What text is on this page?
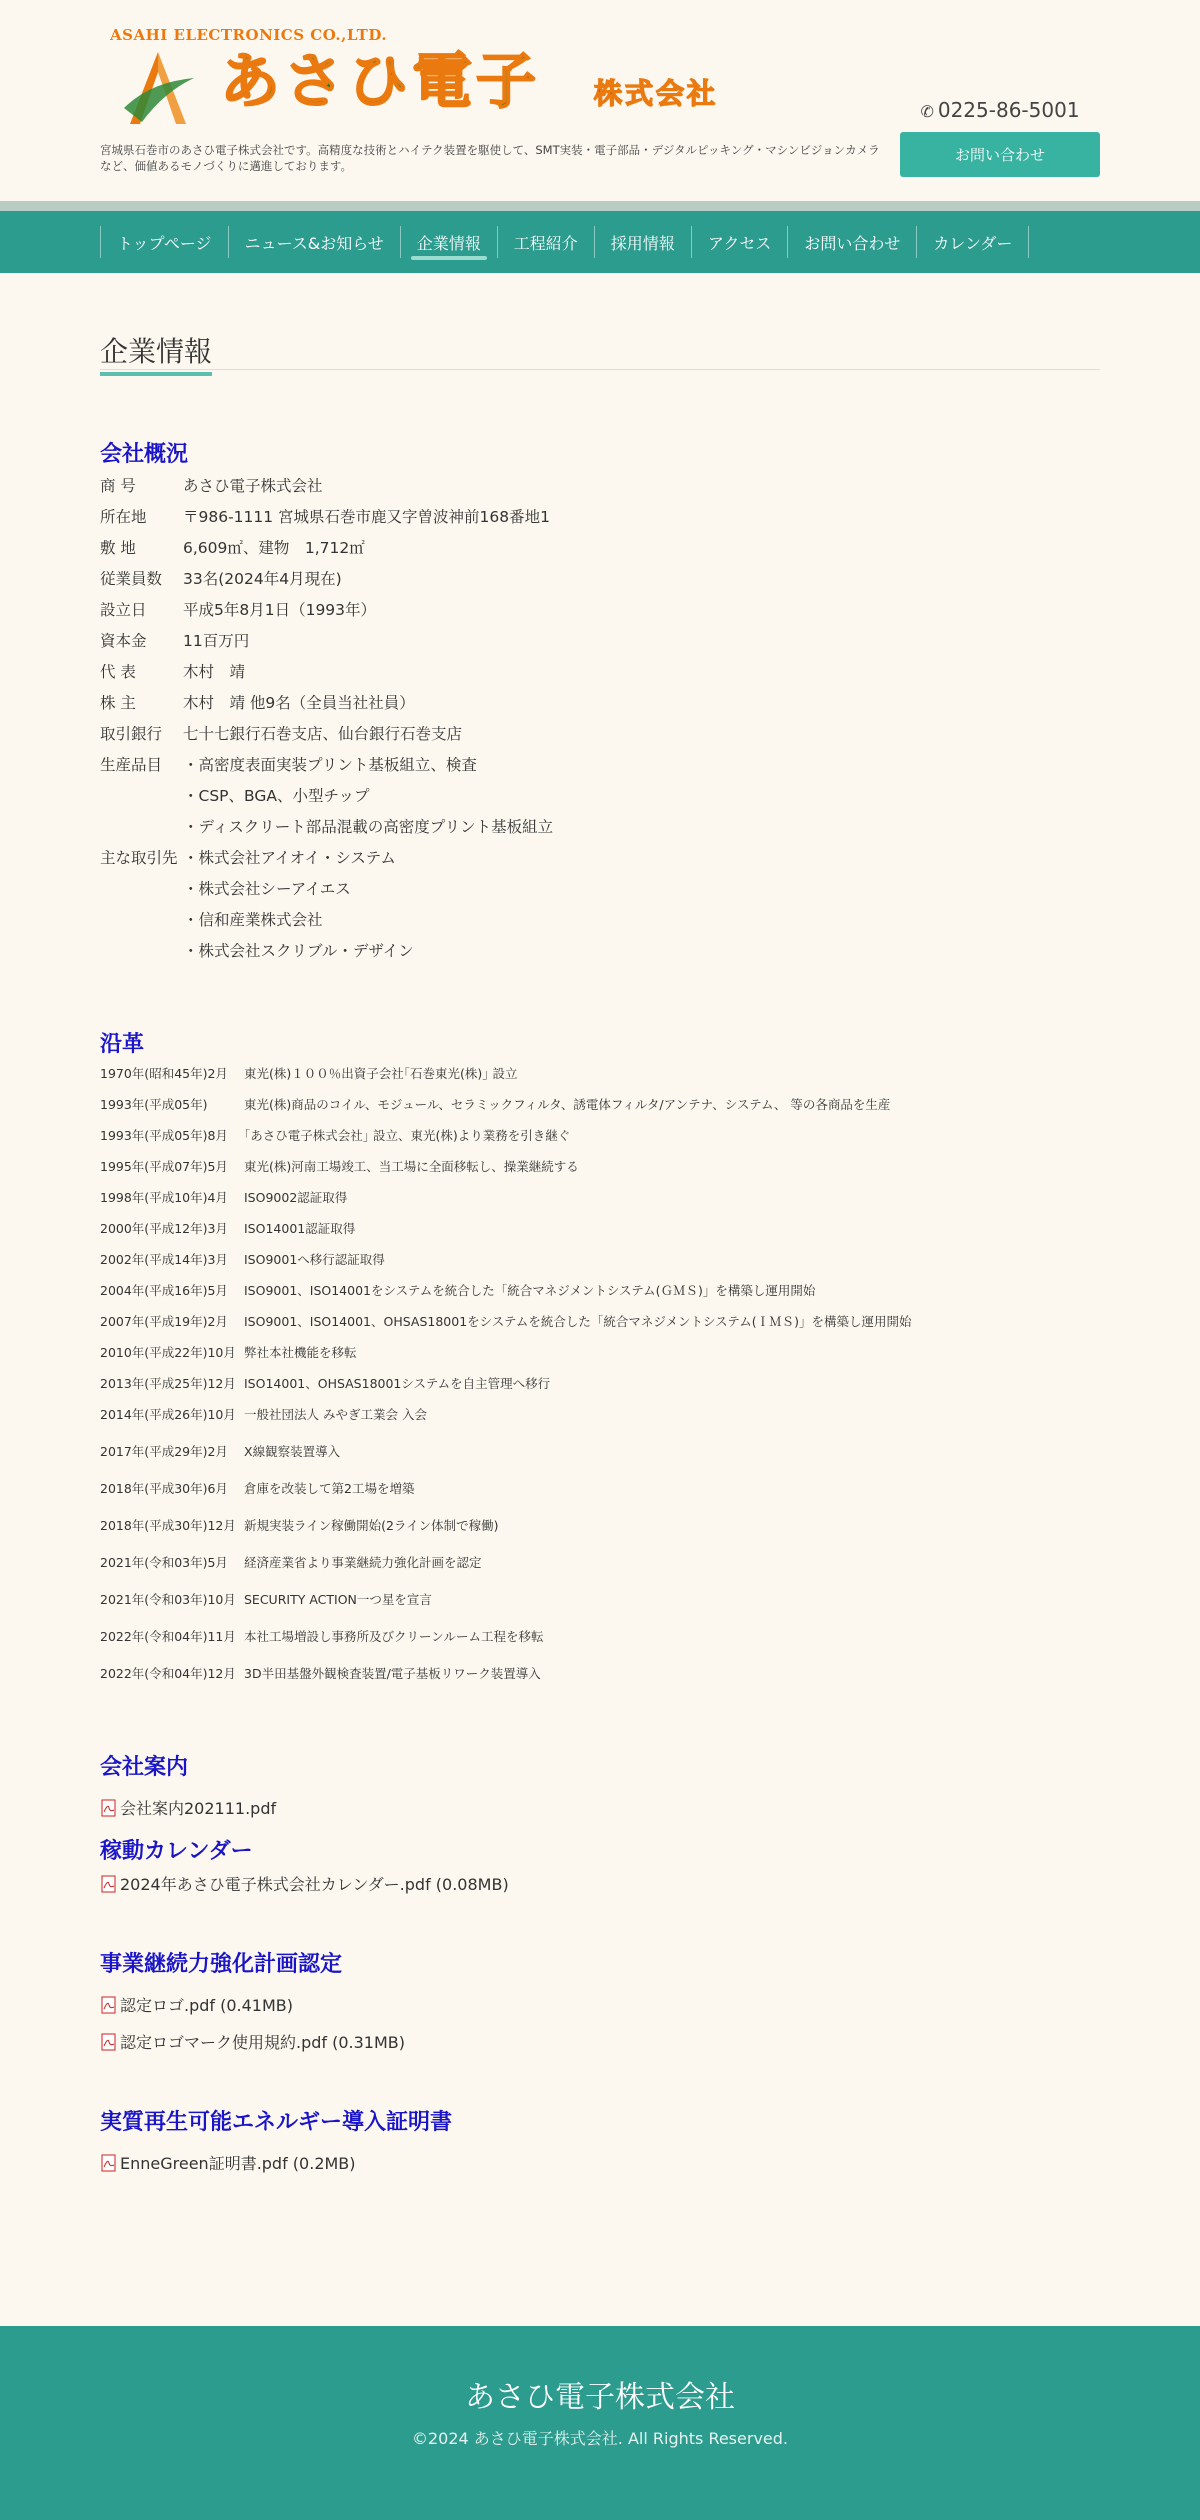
ASAHI ELECTRONICS CO.,LTD.
あさひ電子 株式会社
宮城県石巻市のあさひ電子株式会社です。高精度な技術とハイテク装置を駆使して、SMT実装・電子部品・デジタルピッキング・マシンビジョンカメラなど、価値あるモノづくりに邁進しております。
✆ 0225-86-5001
お問い合わせ
トップページ	ニュース&お知らせ	企業情報	工程紹介	採用情報	アクセス	お問い合わせ	カレンダー
企業情報
会社概況
商 号	あさひ電子株式会社
所在地	〒986-1111 宮城県石巻市鹿又字曽波神前168番地1
敷 地	6,609㎡、建物　1,712㎡
従業員数	33名(2024年4月現在)
設立日	平成5年8月1日（1993年）
資本金	11百万円
代 表	木村　靖
株 主	木村　靖 他9名（全員当社社員）
取引銀行	七十七銀行石巻支店、仙台銀行石巻支店
生産品目	・高密度表面実装プリント基板組立、検査
・CSP、BGA、小型チップ
・ディスクリート部品混載の高密度プリント基板組立
主な取引先 ・株式会社アイオイ・システム
・株式会社シーアイエス
・信和産業株式会社
・株式会社スクリブル・デザイン
沿革
1970年(昭和45年)2月	東光(株)１００％出資子会社｢石巻東光(株)｣ 設立
1993年(平成05年)	東光(株)商品のコイル、モジュール、セラミックフィルタ、誘電体フィルタ/アンテナ、システム、 等の各商品を生産
1993年(平成05年)8月	｢あさひ電子株式会社｣ 設立、東光(株)より業務を引き継ぐ
1995年(平成07年)5月	東光(株)河南工場竣工、当工場に全面移転し、操業継続する
1998年(平成10年)4月	ISO9002認証取得
2000年(平成12年)3月	ISO14001認証取得
2002年(平成14年)3月	ISO9001へ移行認証取得
2004年(平成16年)5月	ISO9001、ISO14001をシステムを統合した「統合マネジメントシステム(ＧＭＳ)」を構築し運用開始
2007年(平成19年)2月	ISO9001、ISO14001、OHSAS18001をシステムを統合した「統合マネジメントシステム(ＩＭＳ)」を構築し運用開始
2010年(平成22年)10月 弊社本社機能を移転
2013年(平成25年)12月 ISO14001、OHSAS18001システムを自主管理へ移行
2014年(平成26年)10月 一般社団法人 みやぎ工業会 入会
2017年(平成29年)2月	X線観察装置導入
2018年(平成30年)6月	倉庫を改装して第2工場を増築
2018年(平成30年)12月 新規実装ライン稼働開始(2ライン体制で稼働)
2021年(令和03年)5月	経済産業省より事業継続力強化計画を認定
2021年(令和03年)10月 SECURITY ACTION一つ星を宣言
2022年(令和04年)11月 本社工場増設し事務所及びクリーンルーム工程を移転
2022年(令和04年)12月 3D半田基盤外観検査装置/電子基板リワーク装置導入
会社案内
会社案内202111.pdf
稼動カレンダー
2024年あさひ電子株式会社カレンダー.pdf (0.08MB)
事業継続力強化計画認定
認定ロゴ.pdf (0.41MB)
認定ロゴマーク使用規約.pdf (0.31MB)
実質再生可能エネルギー導入証明書
EnneGreen証明書.pdf (0.2MB)
あさひ電子株式会社
©2024 あさひ電子株式会社. All Rights Reserved.
